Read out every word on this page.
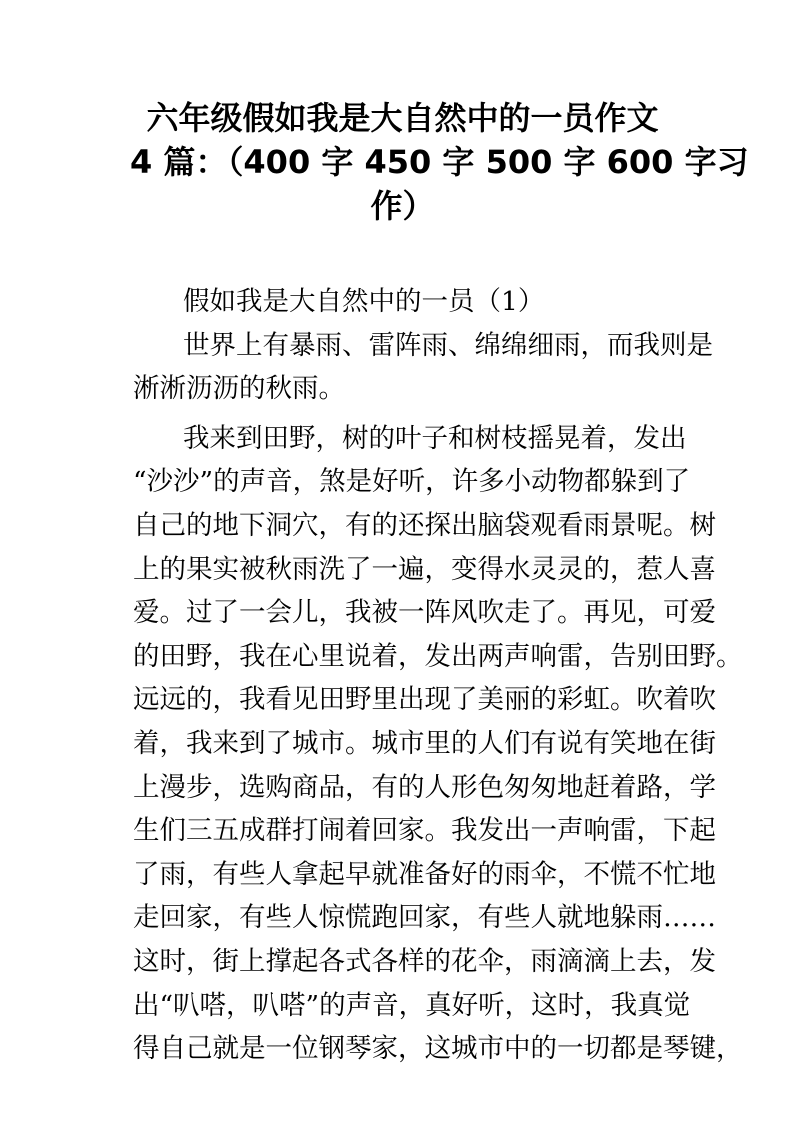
六年级假如我是大自然中的一员作文
4 篇：（400 字 450 字 500 字 600 字习
作）
假如我是大自然中的一员（1）
世界上有暴雨、雷阵雨、绵绵细雨，而我则是
淅淅沥沥的秋雨。
我来到田野，树的叶子和树枝摇晃着，发出
“沙沙”的声音，煞是好听，许多小动物都躲到了
自己的地下洞穴，有的还探出脑袋观看雨景呢。树
上的果实被秋雨洗了一遍，变得水灵灵的，惹人喜
爱。过了一会儿，我被一阵风吹走了。再见，可爱
的田野，我在心里说着，发出两声响雷，告别田野。
远远的，我看见田野里出现了美丽的彩虹。吹着吹
着，我来到了城市。城市里的人们有说有笑地在街
上漫步，选购商品，有的人形色匆匆地赶着路，学
生们三五成群打闹着回家。我发出一声响雷，下起
了雨，有些人拿起早就准备好的雨伞，不慌不忙地
走回家，有些人惊慌跑回家，有些人就地躲雨……
这时，街上撑起各式各样的花伞，雨滴滴上去，发
出“叭嗒，叭嗒”的声音，真好听，这时，我真觉
得自己就是一位钢琴家，这城市中的一切都是琴键，
